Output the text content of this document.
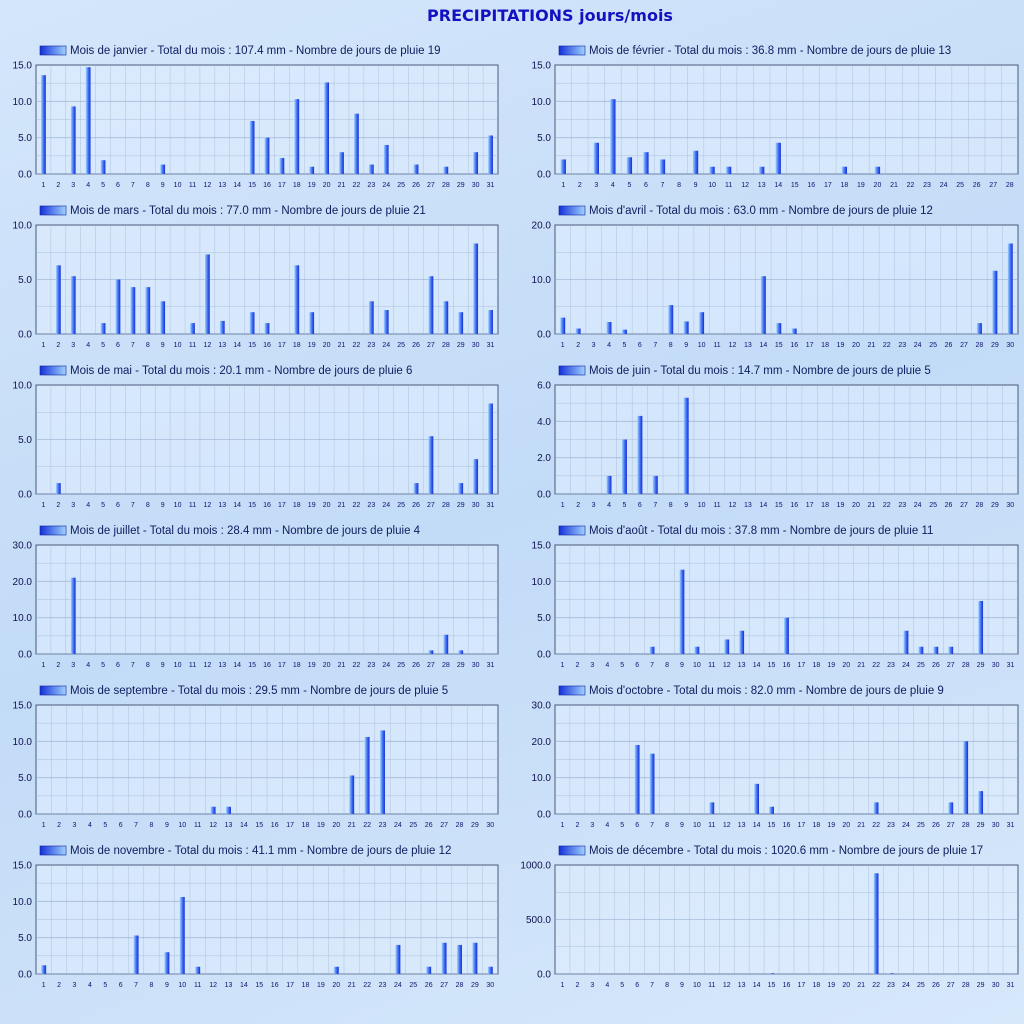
PRECIPITATIONS jours/mois
Mois de janvier - Total du mois : 107.4 mm - Nombre de jours de pluie 19
0.0
5.0
10.0
15.0
1 2 3 4 5 6 7 8 9 10 11 12 13 14 15 16 17 18 19 20 21 22 23 24 25 26 27 28 29 30 31
Mois de février - Total du mois : 36.8 mm - Nombre de jours de pluie 13
0.0
5.0
10.0
15.0
1 2 3 4 5 6 7 8 9 10 11 12 13 14 15 16 17 18 19 20 21 22 23 24 25 26 27 28
Mois de mars - Total du mois : 77.0 mm - Nombre de jours de pluie 21
0.0
5.0
10.0
1 2 3 4 5 6 7 8 9 10 11 12 13 14 15 16 17 18 19 20 21 22 23 24 25 26 27 28 29 30 31
Mois d'avril - Total du mois : 63.0 mm - Nombre de jours de pluie 12
0.0
10.0
20.0
1 2 3 4 5 6 7 8 9 10 11 12 13 14 15 16 17 18 19 20 21 22 23 24 25 26 27 28 29 30
Mois de mai - Total du mois : 20.1 mm - Nombre de jours de pluie 6
0.0
5.0
10.0
1 2 3 4 5 6 7 8 9 10 11 12 13 14 15 16 17 18 19 20 21 22 23 24 25 26 27 28 29 30 31
Mois de juin - Total du mois : 14.7 mm - Nombre de jours de pluie 5
0.0
2.0
4.0
6.0
1 2 3 4 5 6 7 8 9 10 11 12 13 14 15 16 17 18 19 20 21 22 23 24 25 26 27 28 29 30
Mois de juillet - Total du mois : 28.4 mm - Nombre de jours de pluie 4
0.0
10.0
20.0
30.0
1 2 3 4 5 6 7 8 9 10 11 12 13 14 15 16 17 18 19 20 21 22 23 24 25 26 27 28 29 30 31
Mois d'août - Total du mois : 37.8 mm - Nombre de jours de pluie 11
0.0
5.0
10.0
15.0
1 2 3 4 5 6 7 8 9 10 11 12 13 14 15 16 17 18 19 20 21 22 23 24 25 26 27 28 29 30 31
Mois de septembre - Total du mois : 29.5 mm - Nombre de jours de pluie 5
0.0
5.0
10.0
15.0
1 2 3 4 5 6 7 8 9 10 11 12 13 14 15 16 17 18 19 20 21 22 23 24 25 26 27 28 29 30
Mois d'octobre - Total du mois : 82.0 mm - Nombre de jours de pluie 9
0.0
10.0
20.0
30.0
1 2 3 4 5 6 7 8 9 10 11 12 13 14 15 16 17 18 19 20 21 22 23 24 25 26 27 28 29 30 31
Mois de novembre - Total du mois : 41.1 mm - Nombre de jours de pluie 12
0.0
5.0
10.0
15.0
1 2 3 4 5 6 7 8 9 10 11 12 13 14 15 16 17 18 19 20 21 22 23 24 25 26 27 28 29 30
Mois de décembre - Total du mois : 1020.6 mm - Nombre de jours de pluie 17
0.0
500.0
1000.0
1 2 3 4 5 6 7 8 9 10 11 12 13 14 15 16 17 18 19 20 21 22 23 24 25 26 27 28 29 30 31
